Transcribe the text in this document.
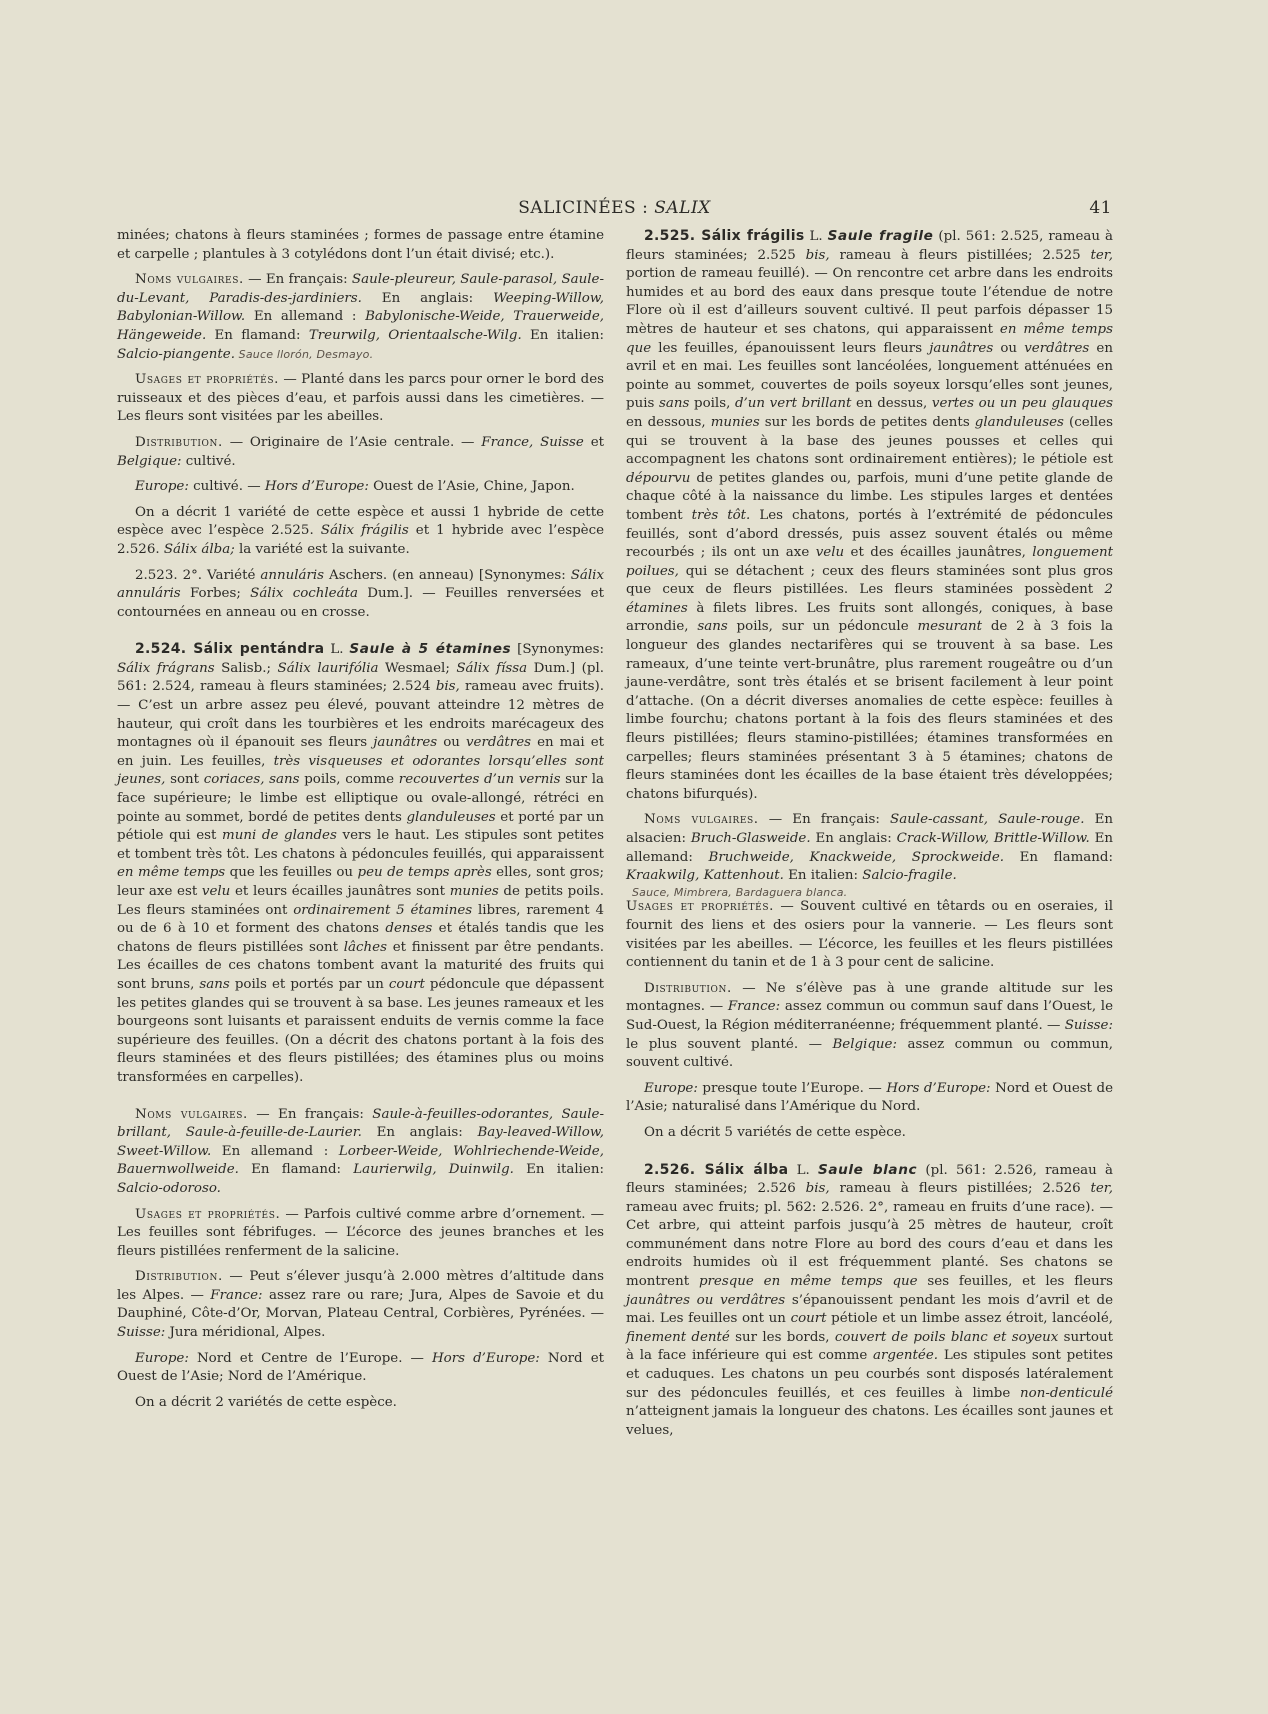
SALICINÉES : SALIX	41

minées; chatons à fleurs staminées ; formes de passage entre étamine et carpelle ; plantules à 3 cotylédons dont l’un était divisé; etc.).

Noms vulgaires. — En français: Saule-pleureur, Saule-parasol, Saule-du-Levant, Paradis-des-jardiniers. En anglais: Weeping-Willow, Babylonian-Willow. En allemand : Babylonische-Weide, Trauerweide, Hängeweide. En flamand: Treurwilg, Orientaalsche-Wilg. En italien: Salcio-piangente. Sauce llorón, Desmayo.

Usages et propriétés. — Planté dans les parcs pour orner le bord des ruisseaux et des pièces d’eau, et parfois aussi dans les cimetières. — Les fleurs sont visitées par les abeilles.

Distribution. — Originaire de l’Asie centrale. — France, Suisse et Belgique: cultivé.

Europe: cultivé. — Hors d’Europe: Ouest de l’Asie, Chine, Japon.

On a décrit 1 variété de cette espèce et aussi 1 hybride de cette espèce avec l’espèce 2.525. Sálix frágilis et 1 hybride avec l’espèce 2.526. Sálix álba; la variété est la suivante.

2.523. 2°. Variété annuláris Aschers. (en anneau) [Synonymes: Sálix annuláris Forbes; Sálix cochleáta Dum.]. — Feuilles renversées et contournées en anneau ou en crosse.

2.524. Sálix pentándra L. Saule à 5 étamines [Synonymes: Sálix frágrans Salisb.; Sálix laurifólia Wesmael; Sálix físsa Dum.] (pl. 561: 2.524, rameau à fleurs staminées; 2.524 bis, rameau avec fruits). — C’est un arbre assez peu élevé, pouvant atteindre 12 mètres de hauteur, qui croît dans les tourbières et les endroits marécageux des montagnes où il épanouit ses fleurs jaunâtres ou verdâtres en mai et en juin. Les feuilles, très visqueuses et odorantes lorsqu’elles sont jeunes, sont coriaces, sans poils, comme recouvertes d’un vernis sur la face supérieure; le limbe est elliptique ou ovale-allongé, rétréci en pointe au sommet, bordé de petites dents glanduleuses et porté par un pétiole qui est muni de glandes vers le haut. Les stipules sont petites et tombent très tôt. Les chatons à pédoncules feuillés, qui apparaissent en même temps que les feuilles ou peu de temps après elles, sont gros; leur axe est velu et leurs écailles jaunâtres sont munies de petits poils. Les fleurs staminées ont ordinairement 5 étamines libres, rarement 4 ou de 6 à 10 et forment des chatons denses et étalés tandis que les chatons de fleurs pistillées sont lâches et finissent par être pendants. Les écailles de ces chatons tombent avant la maturité des fruits qui sont bruns, sans poils et portés par un court pédoncule que dépassent les petites glandes qui se trouvent à sa base. Les jeunes rameaux et les bourgeons sont luisants et paraissent enduits de vernis comme la face supérieure des feuilles. (On a décrit des chatons portant à la fois des fleurs staminées et des fleurs pistillées; des étamines plus ou moins transformées en carpelles).

Noms vulgaires. — En français: Saule-à-feuilles-odorantes, Saule-brillant, Saule-à-feuille-de-Laurier. En anglais: Bay-leaved-Willow, Sweet-Willow. En allemand : Lorbeer-Weide, Wohlriechende-Weide, Bauernwollweide. En flamand: Laurierwilg, Duinwilg. En italien: Salcio-odoroso.

Usages et propriétés. — Parfois cultivé comme arbre d’ornement. — Les feuilles sont fébrifuges. — L’écorce des jeunes branches et les fleurs pistillées renferment de la salicine.

Distribution. — Peut s’élever jusqu’à 2.000 mètres d’altitude dans les Alpes. — France: assez rare ou rare; Jura, Alpes de Savoie et du Dauphiné, Côte-d’Or, Morvan, Plateau Central, Corbières, Pyrénées. — Suisse: Jura méridional, Alpes.

Europe: Nord et Centre de l’Europe. — Hors d’Europe: Nord et Ouest de l’Asie; Nord de l’Amérique.

On a décrit 2 variétés de cette espèce.

2.525. Sálix frágilis L. Saule fragile (pl. 561: 2.525, rameau à fleurs staminées; 2.525 bis, rameau à fleurs pistillées; 2.525 ter, portion de rameau feuillé). — On rencontre cet arbre dans les endroits humides et au bord des eaux dans presque toute l’étendue de notre Flore où il est d’ailleurs souvent cultivé. Il peut parfois dépasser 15 mètres de hauteur et ses chatons, qui apparaissent en même temps que les feuilles, épanouissent leurs fleurs jaunâtres ou verdâtres en avril et en mai. Les feuilles sont lancéolées, longuement atténuées en pointe au sommet, couvertes de poils soyeux lorsqu’elles sont jeunes, puis sans poils, d’un vert brillant en dessus, vertes ou un peu glauques en dessous, munies sur les bords de petites dents glanduleuses (celles qui se trouvent à la base des jeunes pousses et celles qui accompagnent les chatons sont ordinairement entières); le pétiole est dépourvu de petites glandes ou, parfois, muni d’une petite glande de chaque côté à la naissance du limbe. Les stipules larges et dentées tombent très tôt. Les chatons, portés à l’extrémité de pédoncules feuillés, sont d’abord dressés, puis assez souvent étalés ou même recourbés ; ils ont un axe velu et des écailles jaunâtres, longuement poilues, qui se détachent ; ceux des fleurs staminées sont plus gros que ceux de fleurs pistillées. Les fleurs staminées possèdent 2 étamines à filets libres. Les fruits sont allongés, coniques, à base arrondie, sans poils, sur un pédoncule mesurant de 2 à 3 fois la longueur des glandes nectarifères qui se trouvent à sa base. Les rameaux, d’une teinte vert-brunâtre, plus rarement rougeâtre ou d’un jaune-verdâtre, sont très étalés et se brisent facilement à leur point d’attache. (On a décrit diverses anomalies de cette espèce: feuilles à limbe fourchu; chatons portant à la fois des fleurs staminées et des fleurs pistillées; fleurs stamino-pistillées; étamines transformées en carpelles; fleurs staminées présentant 3 à 5 étamines; chatons de fleurs staminées dont les écailles de la base étaient très développées; chatons bifurqués).

Noms vulgaires. — En français: Saule-cassant, Saule-rouge. En alsacien: Bruch-Glasweide. En anglais: Crack-Willow, Brittle-Willow. En allemand: Bruchweide, Knackweide, Sprockweide. En flamand: Kraakwilg, Kattenhout. En italien: Salcio-fragile.

Sauce, Mimbrera, Bardaguera blanca.

Usages et propriétés. — Souvent cultivé en têtards ou en oseraies, il fournit des liens et des osiers pour la vannerie. — Les fleurs sont visitées par les abeilles. — L’écorce, les feuilles et les fleurs pistillées contiennent du tanin et de 1 à 3 pour cent de salicine.

Distribution. — Ne s’élève pas à une grande altitude sur les montagnes. — France: assez commun ou commun sauf dans l’Ouest, le Sud-Ouest, la Région méditerranéenne; fréquemment planté. — Suisse: le plus souvent planté. — Belgique: assez commun ou commun, souvent cultivé.

Europe: presque toute l’Europe. — Hors d’Europe: Nord et Ouest de l’Asie; naturalisé dans l’Amérique du Nord.

On a décrit 5 variétés de cette espèce.

2.526. Sálix álba L. Saule blanc (pl. 561: 2.526, rameau à fleurs staminées; 2.526 bis, rameau à fleurs pistillées; 2.526 ter, rameau avec fruits; pl. 562: 2.526. 2°, rameau en fruits d’une race). — Cet arbre, qui atteint parfois jusqu’à 25 mètres de hauteur, croît communément dans notre Flore au bord des cours d’eau et dans les endroits humides où il est fréquemment planté. Ses chatons se montrent presque en même temps que ses feuilles, et les fleurs jaunâtres ou verdâtres s’épanouissent pendant les mois d’avril et de mai. Les feuilles ont un court pétiole et un limbe assez étroit, lancéolé, finement denté sur les bords, couvert de poils blanc et soyeux surtout à la face inférieure qui est comme argentée. Les stipules sont petites et caduques. Les chatons un peu courbés sont disposés latéralement sur des pédoncules feuillés, et ces feuilles à limbe non-denticulé n’atteignent jamais la longueur des chatons. Les écailles sont jaunes et velues,
